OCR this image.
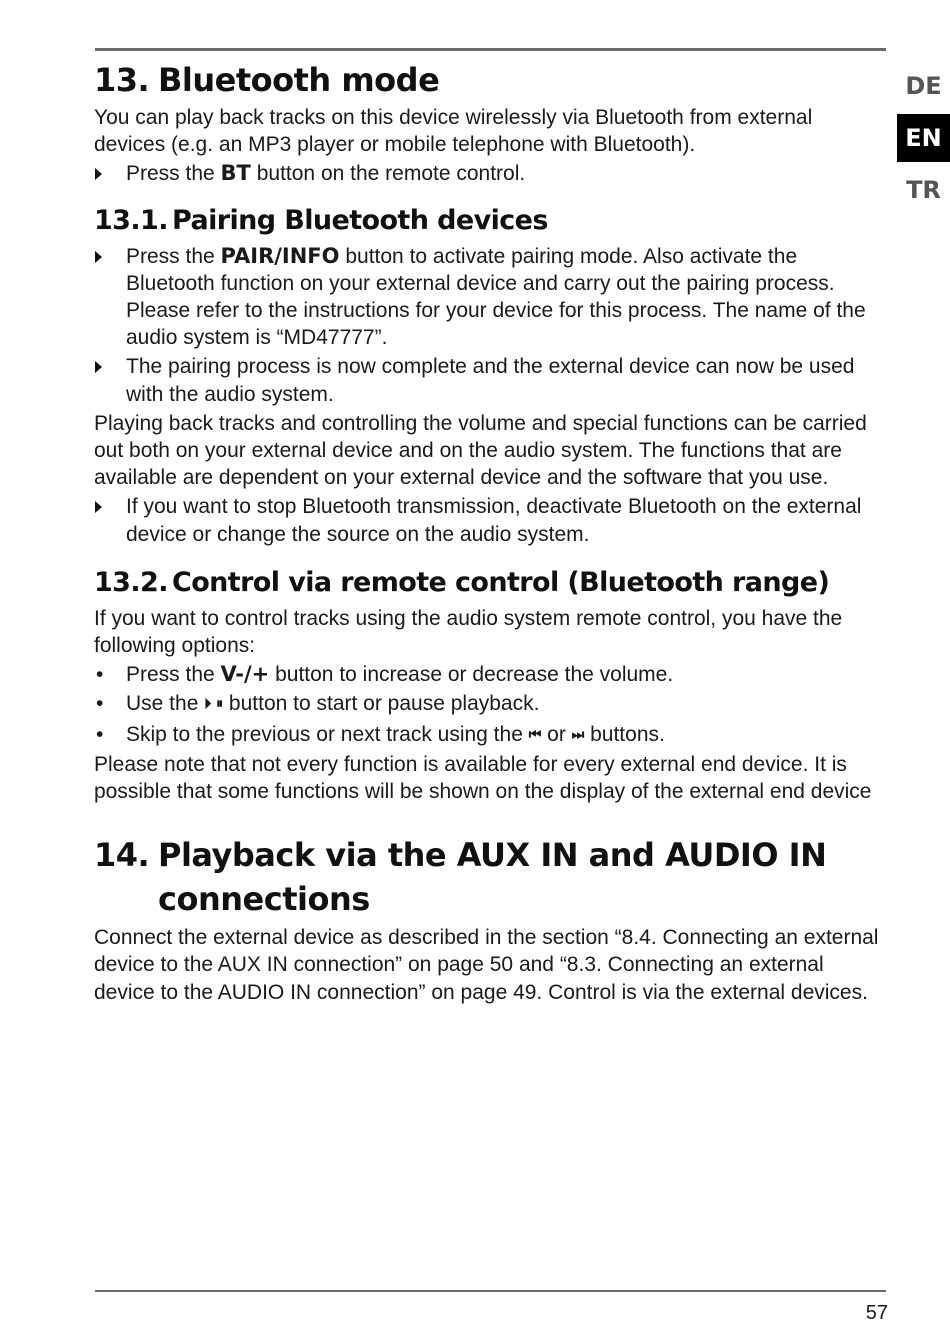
DE
EN
TR
13. Bluetooth mode

You can play back tracks on this device wirelessly via Bluetooth from external devices (e.g. an MP3 player or mobile telephone with Bluetooth).

Press the BT button on the remote control.
13.1. Pairing Bluetooth devices
Press the PAIR/INFO button to activate pairing mode. Also activate the Bluetooth function on your external device and carry out the pairing process. Please refer to the instructions for your device for this process. The name of the audio system is “MD47777”.
The pairing process is now complete and the external device can now be used with the audio system.

Playing back tracks and controlling the volume and special functions can be carried out both on your external device and on the audio system. The functions that are available are dependent on your external device and the software that you use.

If you want to stop Bluetooth transmission, deactivate Bluetooth on the external device or change the source on the audio system.
13.2. Control via remote control (Bluetooth range)

If you want to control tracks using the audio system remote control, you have the following options:

•	Press the V-/+ button to increase or decrease the volume.
•	Use the ⏵ ⏸ button to start or pause playback.
•	Skip to the previous or next track using the ⏮ or ⏭ buttons.

Please note that not every function is available for every external end device. It is possible that some functions will be shown on the display of the external end device

14. Playback via the AUX IN and AUDIO IN
connections

Connect the external device as described in the section “8.4. Connecting an external device to the AUX IN connection” on page 50 and “8.3. Connecting an external device to the AUDIO IN connection” on page 49. Control is via the external devices.

57
